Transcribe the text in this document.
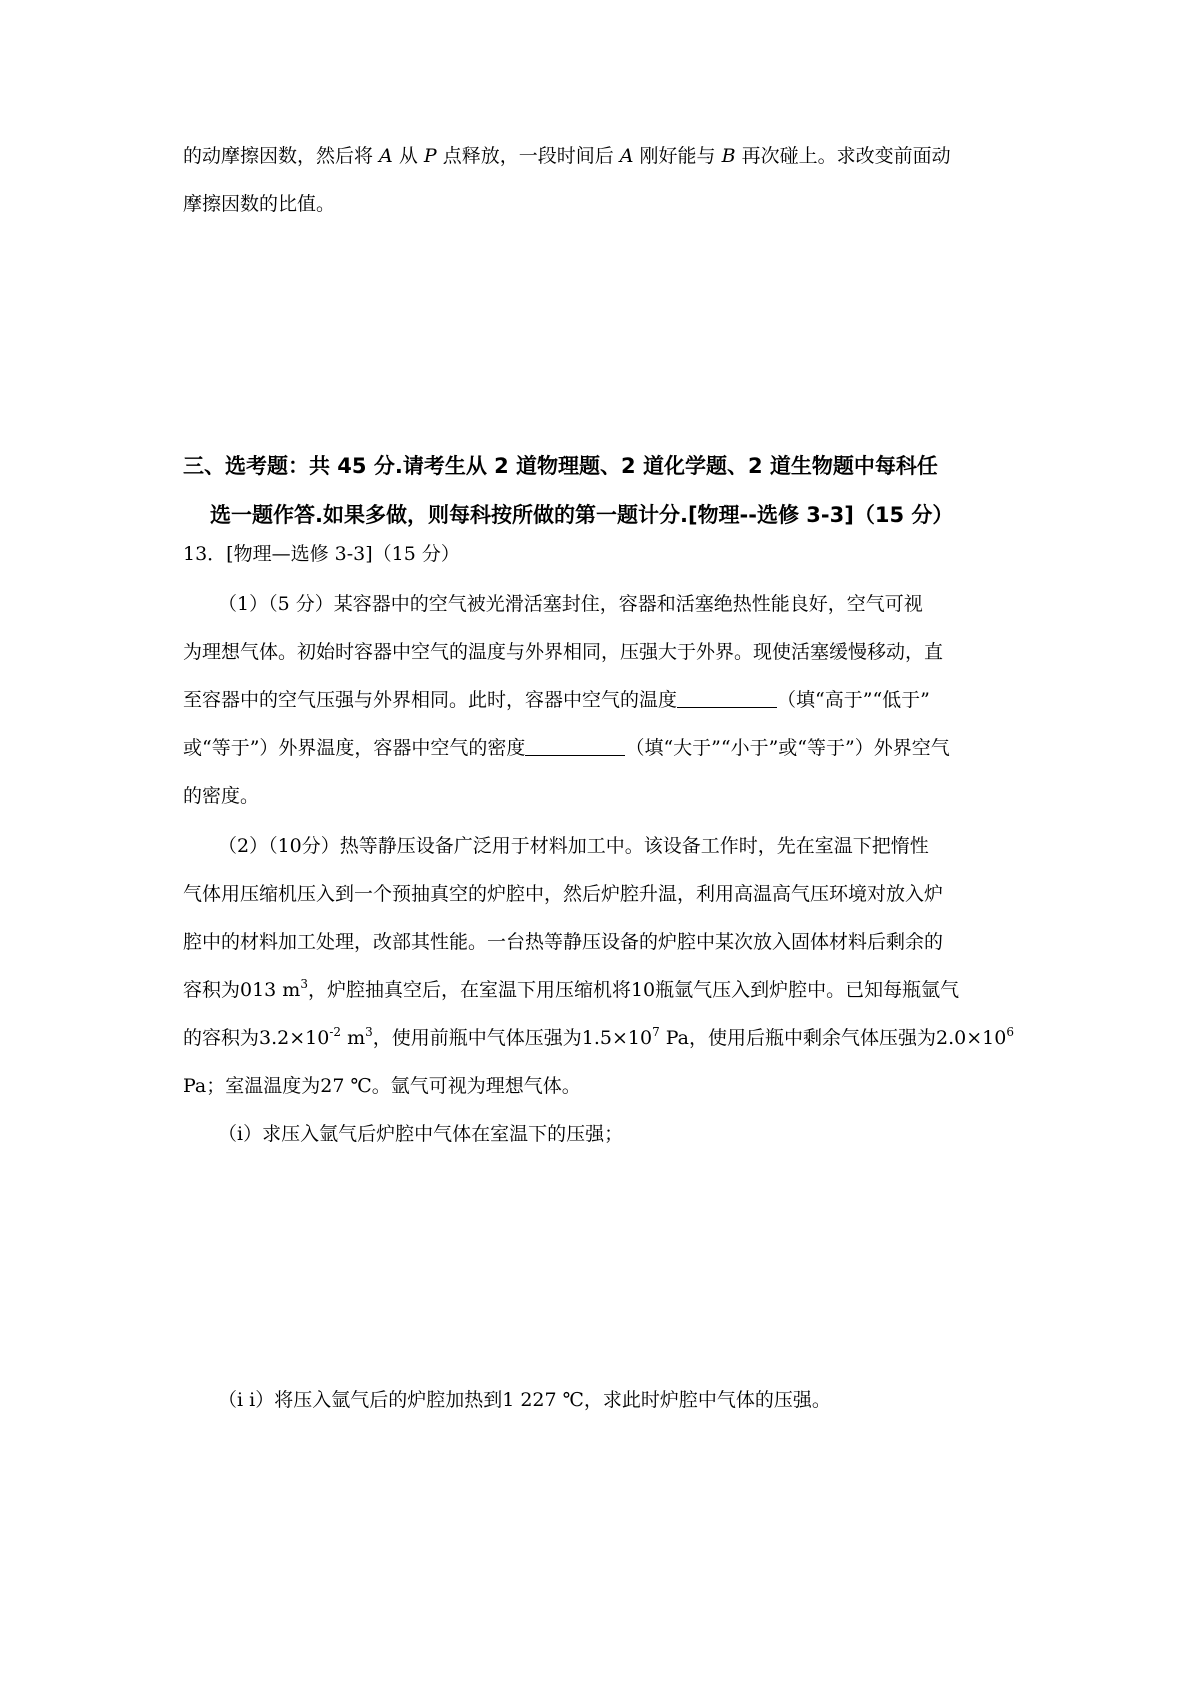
的动摩擦因数，然后将 A 从 P 点释放，一段时间后 A 刚好能与 B 再次碰上。求改变前面动
摩擦因数的比值。
三、选考题：共 45 分.请考生从 2 道物理题、2 道化学题、2 道生物题中每科任
选一题作答.如果多做，则每科按所做的第一题计分.[物理--选修 3-3]（15 分）
13．[物理—选修 3-3]（15 分）
（1）（5 分）某容器中的空气被光滑活塞封住，容器和活塞绝热性能良好，空气可视
为理想气体。初始时容器中空气的温度与外界相同，压强大于外界。现使活塞缓慢移动，直
至容器中的空气压强与外界相同。此时，容器中空气的温度	（填“高于”“低于”
或“等于”）外界温度，容器中空气的密度	（填“大于”“小于”或“等于”）外界空气
的密度。
（2）（10分）热等静压设备广泛用于材料加工中。该设备工作时，先在室温下把惰性
气体用压缩机压入到一个预抽真空的炉腔中，然后炉腔升温，利用高温高气压环境对放入炉
腔中的材料加工处理，改部其性能。一台热等静压设备的炉腔中某次放入固体材料后剩余的
容积为013 $m^3$，炉腔抽真空后，在室温下用压缩机将10瓶氩气压入到炉腔中。已知每瓶氩气
的容积为$3.2\times 10^{-2}$ $m^3$，使用前瓶中气体压强为$1.5\times 10^7$ Pa，使用后瓶中剩余气体压强为$2.0\times 10^6$
Pa；室温温度为27 ℃。氩气可视为理想气体。
（i）求压入氩气后炉腔中气体在室温下的压强；
（i i）将压入氩气后的炉腔加热到1 227 ℃，求此时炉腔中气体的压强。
